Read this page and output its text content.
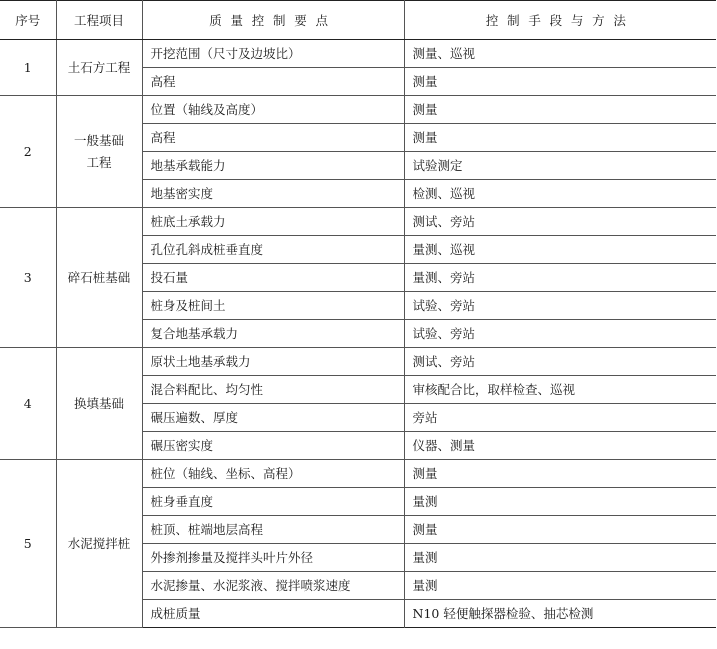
序号	工程项目	质量控制要点	控制手段与方法
1	土石方工程	开挖范围（尺寸及边坡比）	测量、巡视
		高程	测量
2	一般基础工程	位置（轴线及高度）	测量
		高程	测量
		地基承载能力	试验测定
		地基密实度	检测、巡视
3	碎石桩基础	桩底土承载力	测试、旁站
		孔位孔斜成桩垂直度	量测、巡视
		投石量	量测、旁站
		桩身及桩间土	试验、旁站
		复合地基承载力	试验、旁站
4	换填基础	原状土地基承载力	测试、旁站
		混合料配比、均匀性	审核配合比，取样检查、巡视
		碾压遍数、厚度	旁站
		碾压密实度	仪器、测量
5	水泥搅拌桩	桩位（轴线、坐标、高程）	测量
		桩身垂直度	量测
		桩顶、桩端地层高程	测量
		外掺剂掺量及搅拌头叶片外径	量测
		水泥掺量、水泥浆液、搅拌喷浆速度	量测
		成桩质量	N10 轻便触探器检验、抽芯检测
